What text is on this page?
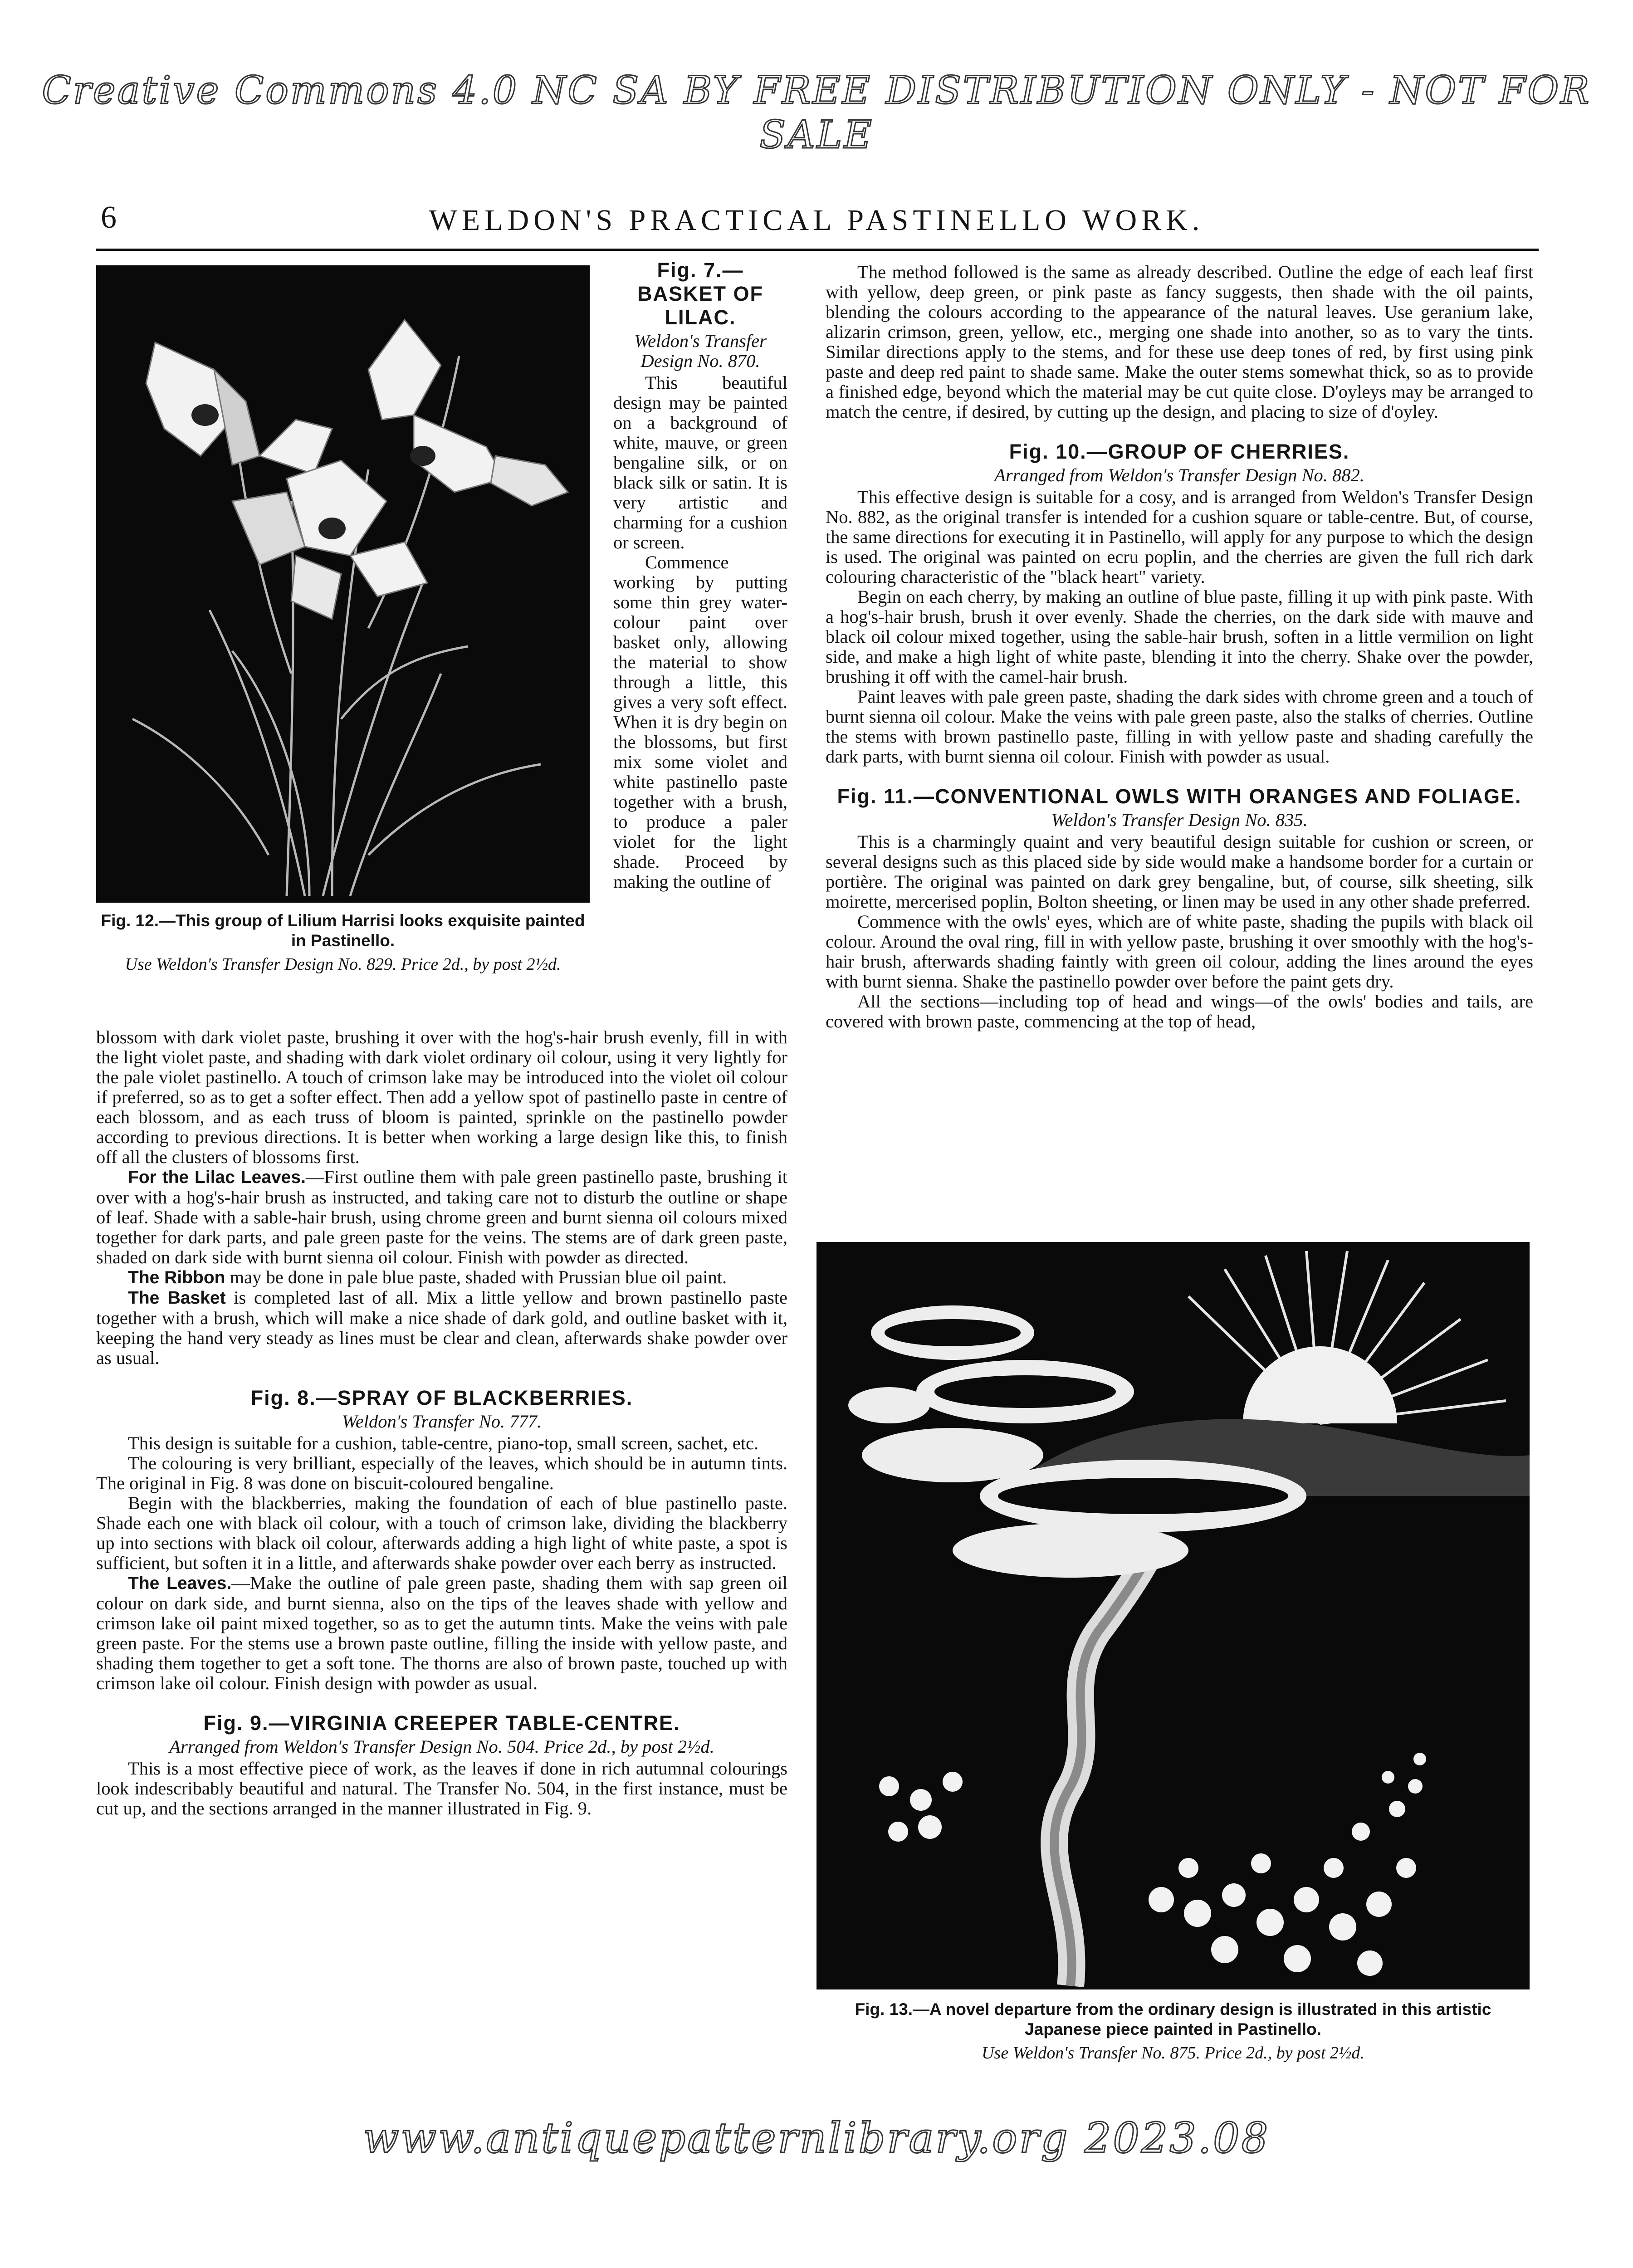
Creative Commons 4.0 NC SA BY FREE DISTRIBUTION ONLY - NOT FOR SALE
6	WELDON'S PRACTICAL PASTINELLO WORK.
Fig. 12.—This group of Lilium Harrisi looks exquisite painted in Pastinello.
Use Weldon's Transfer Design No. 829. Price 2d., by post 2½d.
Fig. 7.— BASKET OF LILAC.

Weldon's Transfer Design No. 870.

This beautiful design may be painted on a background of white, mauve, or green bengaline silk, or on black silk or satin. It is very artistic and charming for a cushion or screen.

Commence working by putting some thin grey water-colour paint over basket only, allowing the material to show through a little, this gives a very soft effect. When it is dry begin on the blossoms, but first mix some violet and white pastinello paste together with a brush, to produce a paler violet for the light shade. Proceed by making the outline of

blossom with dark violet paste, brushing it over with the hog's-hair brush evenly, fill in with the light violet paste, and shading with dark violet ordinary oil colour, using it very lightly for the pale violet pastinello. A touch of crimson lake may be introduced into the violet oil colour if preferred, so as to get a softer effect. Then add a yellow spot of pastinello paste in centre of each blossom, and as each truss of bloom is painted, sprinkle on the pastinello powder according to previous directions. It is better when working a large design like this, to finish off all the clusters of blossoms first.

For the Lilac Leaves.—First outline them with pale green pastinello paste, brushing it over with a hog's-hair brush as instructed, and taking care not to disturb the outline or shape of leaf. Shade with a sable-hair brush, using chrome green and burnt sienna oil colours mixed together for dark parts, and pale green paste for the veins. The stems are of dark green paste, shaded on dark side with burnt sienna oil colour. Finish with powder as directed.

The Ribbon may be done in pale blue paste, shaded with Prussian blue oil paint.

The Basket is completed last of all. Mix a little yellow and brown pastinello paste together with a brush, which will make a nice shade of dark gold, and outline basket with it, keeping the hand very steady as lines must be clear and clean, afterwards shake powder over as usual.

Fig. 8.—SPRAY OF BLACKBERRIES.

Weldon's Transfer No. 777.

This design is suitable for a cushion, table-centre, piano-top, small screen, sachet, etc.

The colouring is very brilliant, especially of the leaves, which should be in autumn tints. The original in Fig. 8 was done on biscuit-coloured bengaline.

Begin with the blackberries, making the foundation of each of blue pastinello paste. Shade each one with black oil colour, with a touch of crimson lake, dividing the blackberry up into sections with black oil colour, afterwards adding a high light of white paste, a spot is sufficient, but soften it in a little, and afterwards shake powder over each berry as instructed.

The Leaves.—Make the outline of pale green paste, shading them with sap green oil colour on dark side, and burnt sienna, also on the tips of the leaves shade with yellow and crimson lake oil paint mixed together, so as to get the autumn tints. Make the veins with pale green paste. For the stems use a brown paste outline, filling the inside with yellow paste, and shading them together to get a soft tone. The thorns are also of brown paste, touched up with crimson lake oil colour. Finish design with powder as usual.

Fig. 9.—VIRGINIA CREEPER TABLE-CENTRE.

Arranged from Weldon's Transfer Design No. 504. Price 2d., by post 2½d.

This is a most effective piece of work, as the leaves if done in rich autumnal colourings look indescribably beautiful and natural. The Transfer No. 504, in the first instance, must be cut up, and the sections arranged in the manner illustrated in Fig. 9.

The method followed is the same as already described. Outline the edge of each leaf first with yellow, deep green, or pink paste as fancy suggests, then shade with the oil paints, blending the colours according to the appearance of the natural leaves. Use geranium lake, alizarin crimson, green, yellow, etc., merging one shade into another, so as to vary the tints. Similar directions apply to the stems, and for these use deep tones of red, by first using pink paste and deep red paint to shade same. Make the outer stems somewhat thick, so as to provide a finished edge, beyond which the material may be cut quite close. D'oyleys may be arranged to match the centre, if desired, by cutting up the design, and placing to size of d'oyley.

Fig. 10.—GROUP OF CHERRIES.

Arranged from Weldon's Transfer Design No. 882.

This effective design is suitable for a cosy, and is arranged from Weldon's Transfer Design No. 882, as the original transfer is intended for a cushion square or table-centre. But, of course, the same directions for executing it in Pastinello, will apply for any purpose to which the design is used. The original was painted on ecru poplin, and the cherries are given the full rich dark colouring characteristic of the "black heart" variety.

Begin on each cherry, by making an outline of blue paste, filling it up with pink paste. With a hog's-hair brush, brush it over evenly. Shade the cherries, on the dark side with mauve and black oil colour mixed together, using the sable-hair brush, soften in a little vermilion on light side, and make a high light of white paste, blending it into the cherry. Shake over the powder, brushing it off with the camel-hair brush.

Paint leaves with pale green paste, shading the dark sides with chrome green and a touch of burnt sienna oil colour. Make the veins with pale green paste, also the stalks of cherries. Outline the stems with brown pastinello paste, filling in with yellow paste and shading carefully the dark parts, with burnt sienna oil colour. Finish with powder as usual.

Fig. 11.—CONVENTIONAL OWLS WITH ORANGES AND FOLIAGE.

Weldon's Transfer Design No. 835.

This is a charmingly quaint and very beautiful design suitable for cushion or screen, or several designs such as this placed side by side would make a handsome border for a curtain or portière. The original was painted on dark grey bengaline, but, of course, silk sheeting, silk moirette, mercerised poplin, Bolton sheeting, or linen may be used in any other shade preferred.

Commence with the owls' eyes, which are of white paste, shading the pupils with black oil colour. Around the oval ring, fill in with yellow paste, brushing it over smoothly with the hog's-hair brush, afterwards shading faintly with green oil colour, adding the lines around the eyes with burnt sienna. Shake the pastinello powder over before the paint gets dry.

All the sections—including top of head and wings—of the owls' bodies and tails, are covered with brown paste, commencing at the top of head,

Fig. 13.—A novel departure from the ordinary design is illustrated in this artistic Japanese piece painted in Pastinello.
Use Weldon's Transfer No. 875. Price 2d., by post 2½d.
www.antiquepatternlibrary.org 2023.08
